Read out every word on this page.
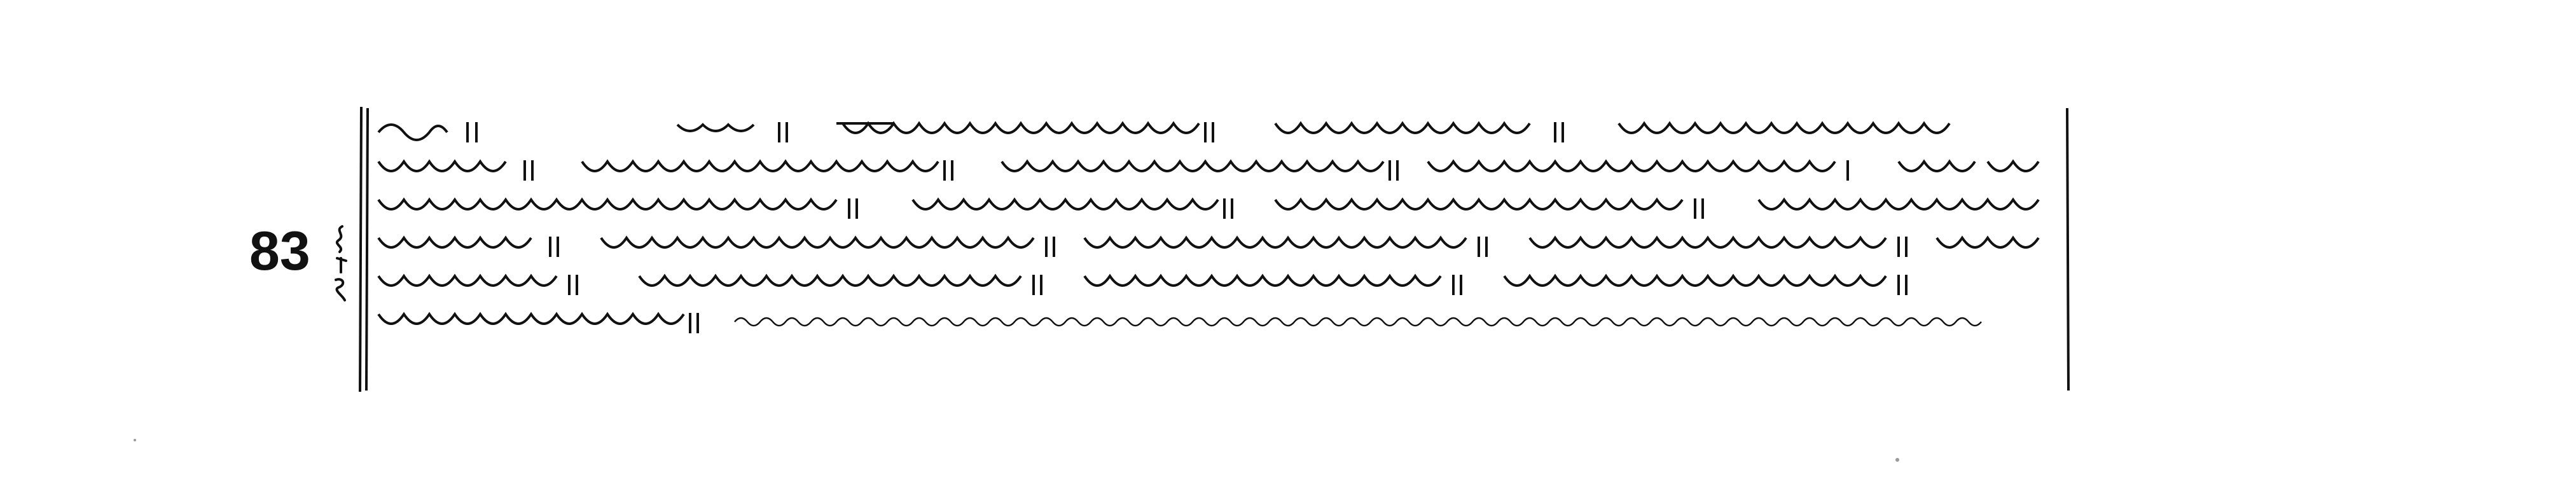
83
